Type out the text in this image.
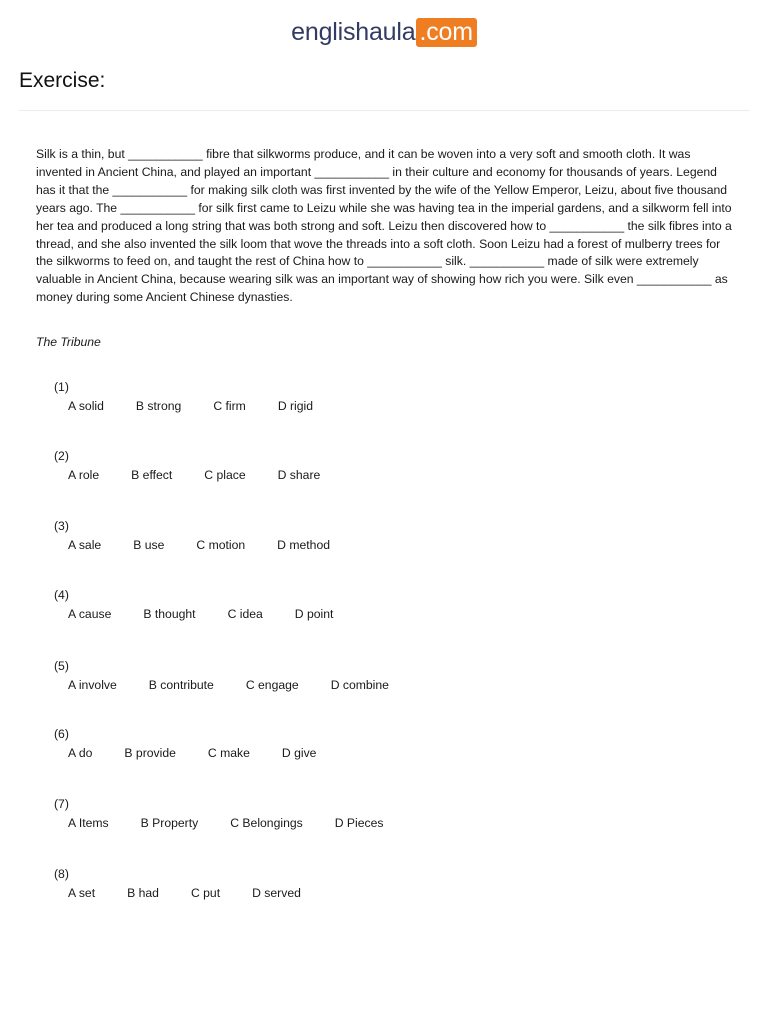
englishaula .com
Exercise:

Silk is a thin, but ___________ fibre that silkworms produce, and it can be woven into a very soft and smooth cloth. It was invented in Ancient China, and played an important ___________ in their culture and economy for thousands of years. Legend has it that the ___________ for making silk cloth was first invented by the wife of the Yellow Emperor, Leizu, about five thousand years ago. The ___________ for silk first came to Leizu while she was having tea in the imperial gardens, and a silkworm fell into her tea and produced a long string that was both strong and soft. Leizu then discovered how to ___________ the silk fibres into a thread, and she also invented the silk loom that wove the threads into a soft cloth. Soon Leizu had a forest of mulberry trees for the silkworms to feed on, and taught the rest of China how to ___________ silk. ___________ made of silk were extremely valuable in Ancient China, because wearing silk was an important way of showing how rich you were. Silk even ___________ as money during some Ancient Chinese dynasties.

The Tribune
(1)
A solid	B strong	C firm	D rigid
(2)
A role	B effect	C place	D share
(3)
A sale	B use	C motion	D method
(4)
A cause	B thought	C idea	D point
(5)
A involve	B contribute	C engage	D combine
(6)
A do	B provide	C make	D give
(7)
A Items	B Property	C Belongings	D Pieces
(8)
A set	B had	C put	D served
